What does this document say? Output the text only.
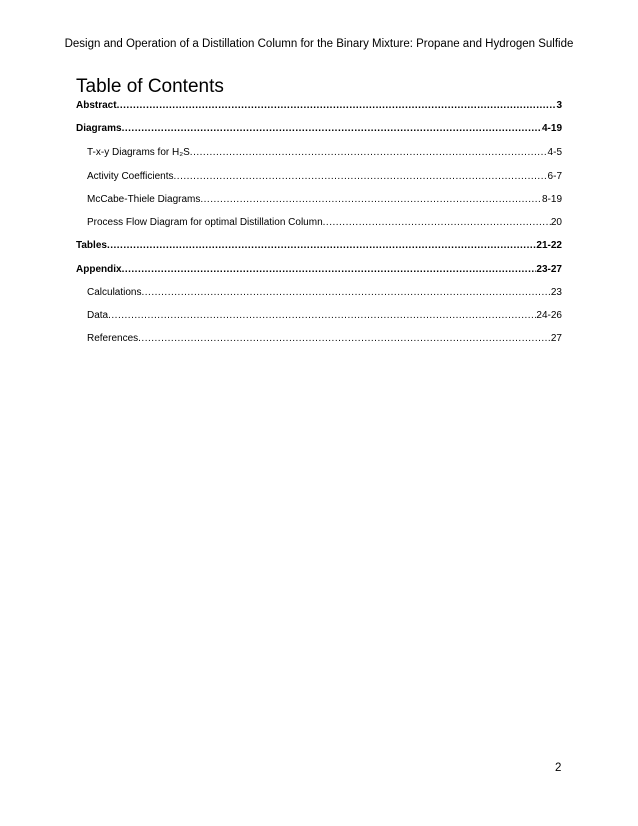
Design and Operation of a Distillation Column for the Binary Mixture: Propane and Hydrogen Sulfide
Table of Contents
Abstract .....	3
Diagrams .....	4-19
T-x-y Diagrams for H₂S .....	4-5
Activity Coefficients .....	6-7
McCabe-Thiele Diagrams .....	8-19
Process Flow Diagram for optimal Distillation Column .....	20
Tables .....	21-22
Appendix .....	23-27
Calculations .....	23
Data .....	24-26
References .....	27
2
